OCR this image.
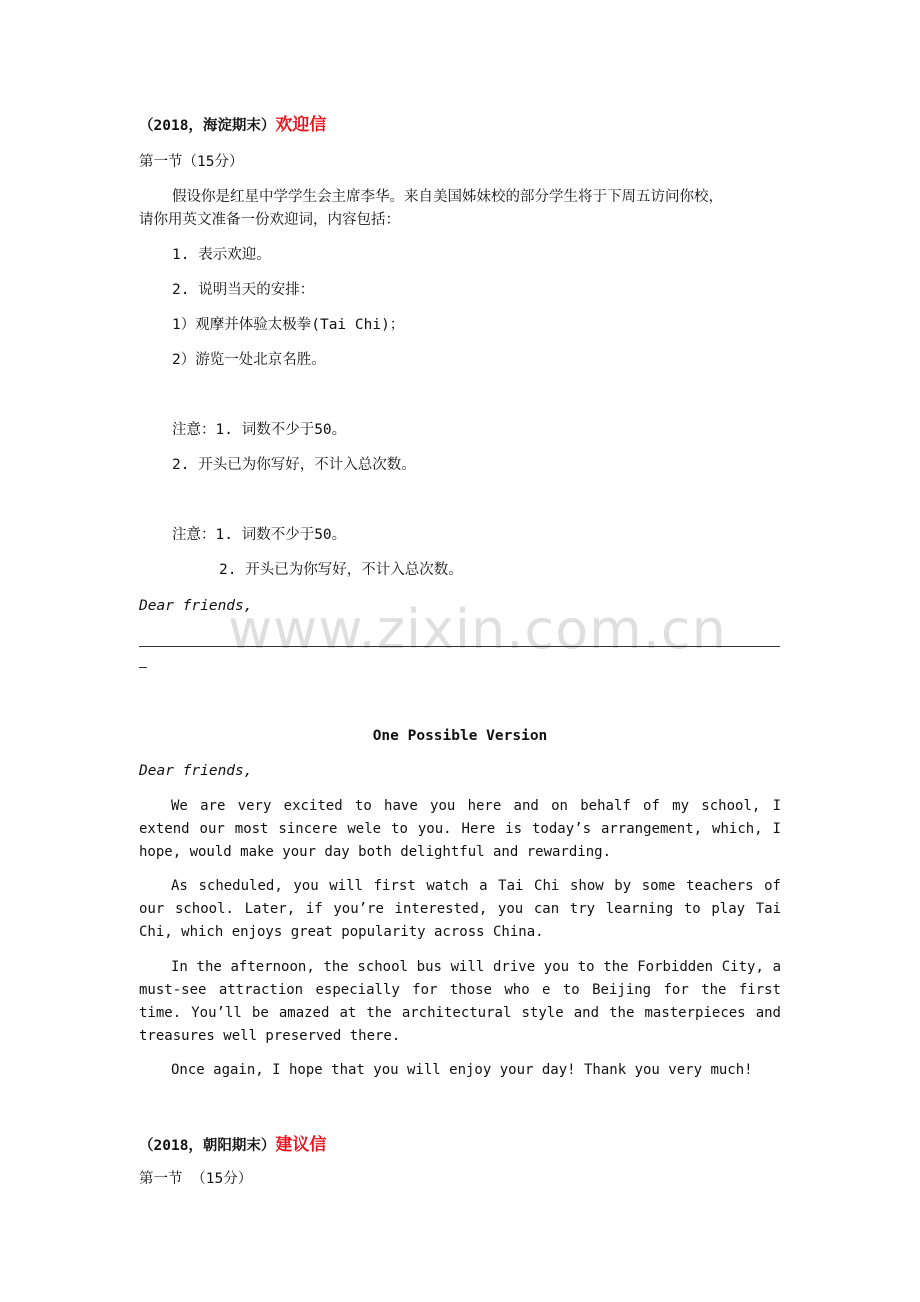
（2018，海淀期末）欢迎信
第一节（15分）
假设你是红星中学学生会主席李华。来自美国姊妹校的部分学生将于下周五访问你校，
请你用英文准备一份欢迎词，内容包括：
1. 表示欢迎。
2. 说明当天的安排：
1）观摩并体验太极拳(Tai Chi)；
2）游览一处北京名胜。
注意：1. 词数不少于50。
2. 开头已为你写好，不计入总次数。
注意：1. 词数不少于50。
2. 开头已为你写好，不计入总次数。
Dear friends,
www.zixin.com.cn
One Possible Version
Dear friends,
We are very excited to have you here and on behalf of my school, I extend our most sincere wele to you. Here is today’s arrangement, which, I hope, would make your day both delightful and rewarding.
As scheduled, you will first watch a Tai Chi show by some teachers of our school. Later, if you’re interested, you can try learning to play Tai Chi, which enjoys great popularity across China.
In the afternoon, the school bus will drive you to the Forbidden City, a must-see attraction especially for those who e to Beijing for the first time. You’ll be amazed at the architectural style and the masterpieces and treasures well preserved there.
Once again, I hope that you will enjoy your day! Thank you very much!
（2018，朝阳期末）建议信
第一节 （15分）
